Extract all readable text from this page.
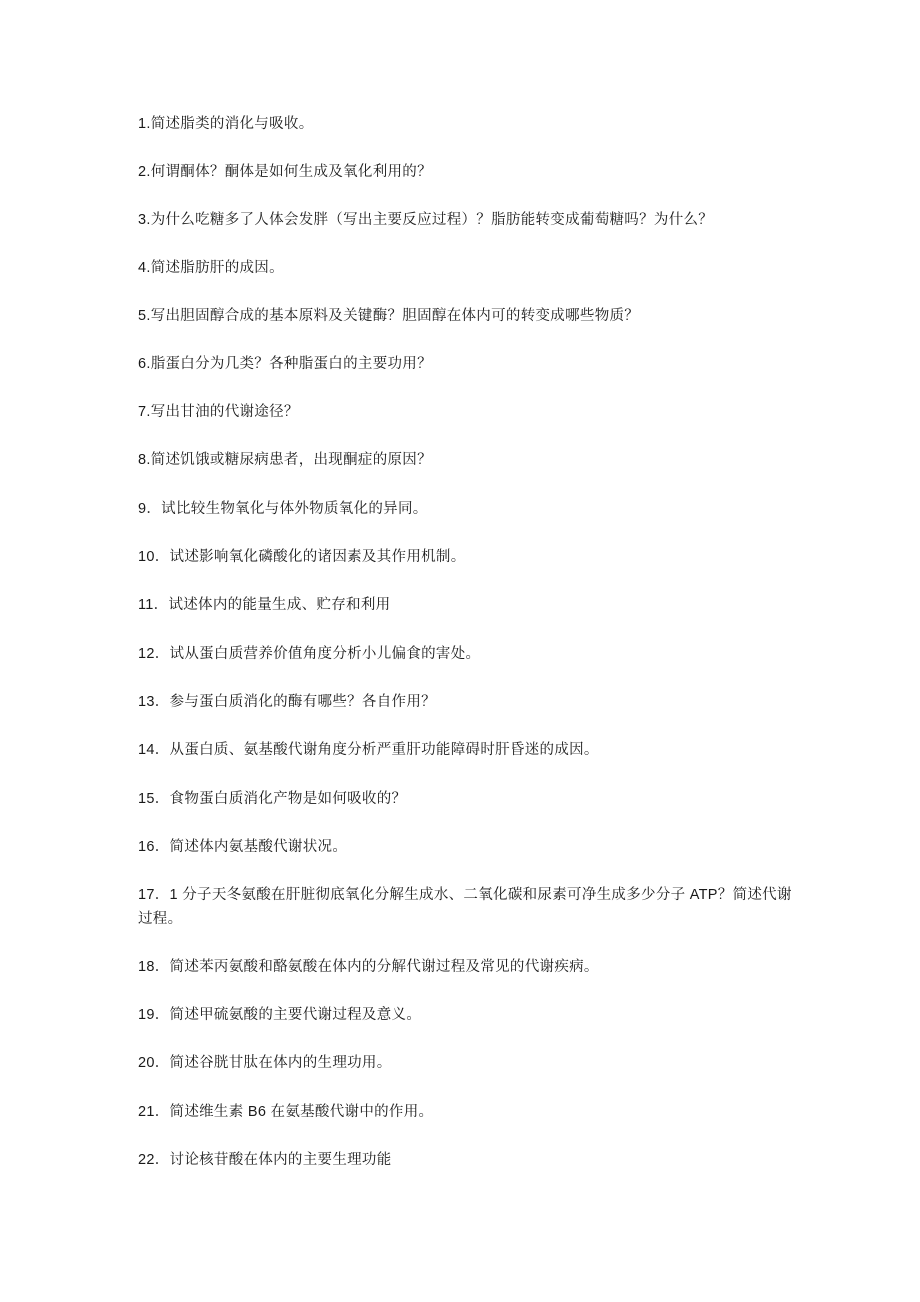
1.简述脂类的消化与吸收。

2.何谓酮体？酮体是如何生成及氧化利用的？

3.为什么吃糖多了人体会发胖（写出主要反应过程）？脂肪能转变成葡萄糖吗？为什么？

4.简述脂肪肝的成因。

5.写出胆固醇合成的基本原料及关键酶？胆固醇在体内可的转变成哪些物质？

6.脂蛋白分为几类？各种脂蛋白的主要功用？

7.写出甘油的代谢途径？

8.简述饥饿或糖尿病患者，出现酮症的原因？

9．试比较生物氧化与体外物质氧化的异同。

10．试述影响氧化磷酸化的诸因素及其作用机制。

11．试述体内的能量生成、贮存和利用

12．试从蛋白质营养价值角度分析小儿偏食的害处。

13．参与蛋白质消化的酶有哪些？各自作用？

14．从蛋白质、氨基酸代谢角度分析严重肝功能障碍时肝昏迷的成因。

15．食物蛋白质消化产物是如何吸收的？

16．简述体内氨基酸代谢状况。

17．1 分子天冬氨酸在肝脏彻底氧化分解生成水、二氧化碳和尿素可净生成多少分子 ATP？简述代谢过程。

18．简述苯丙氨酸和酪氨酸在体内的分解代谢过程及常见的代谢疾病。

19．简述甲硫氨酸的主要代谢过程及意义。

20．简述谷胱甘肽在体内的生理功用。

21．简述维生素 B6 在氨基酸代谢中的作用。

22．讨论核苷酸在体内的主要生理功能
